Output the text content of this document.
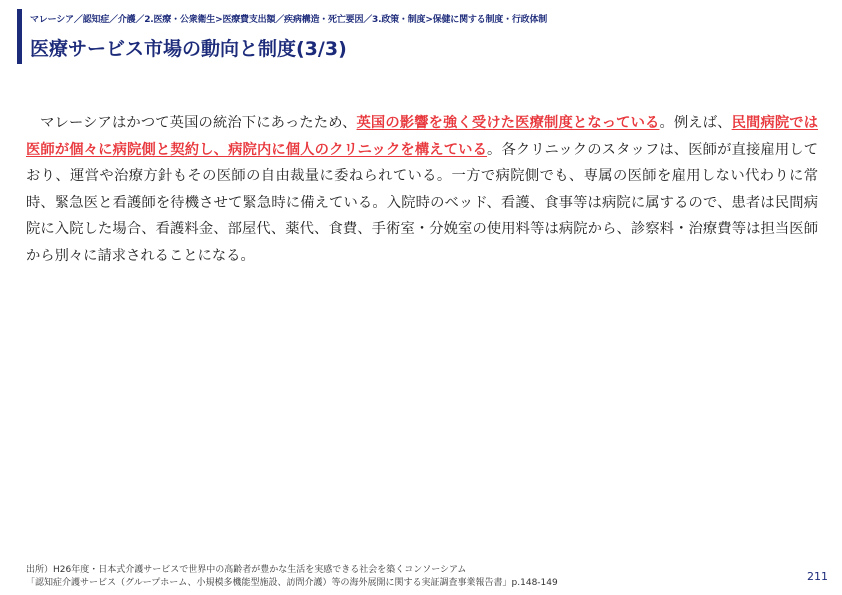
マレーシア／認知症／介護／2.医療・公衆衛生>医療費支出額／疾病構造・死亡要因／3.政策・制度>保健に関する制度・行政体制
医療サービス市場の動向と制度(3/3)

マレーシアはかつて英国の統治下にあったため、英国の影響を強く受けた医療制度となっている。例えば、民間病院では医師が個々に病院側と契約し、病院内に個人のクリニックを構えている。各クリニックのスタッフは、医師が直接雇用しており、運営や治療方針もその医師の自由裁量に委ねられている。一方で病院側でも、専属の医師を雇用しない代わりに常時、緊急医と看護師を待機させて緊急時に備えている。入院時のベッド、看護、食事等は病院に属するので、患者は民間病院に入院した場合、看護料金、部屋代、薬代、食費、手術室・分娩室の使用料等は病院から、診察料・治療費等は担当医師から別々に請求されることになる。

出所）H26年度・日本式介護サービスで世界中の高齢者が豊かな生活を実感できる社会を築くコンソーシアム
「認知症介護サービス（グループホーム、小規模多機能型施設、訪問介護）等の海外展開に関する実証調査事業報告書」p.148-149	211
